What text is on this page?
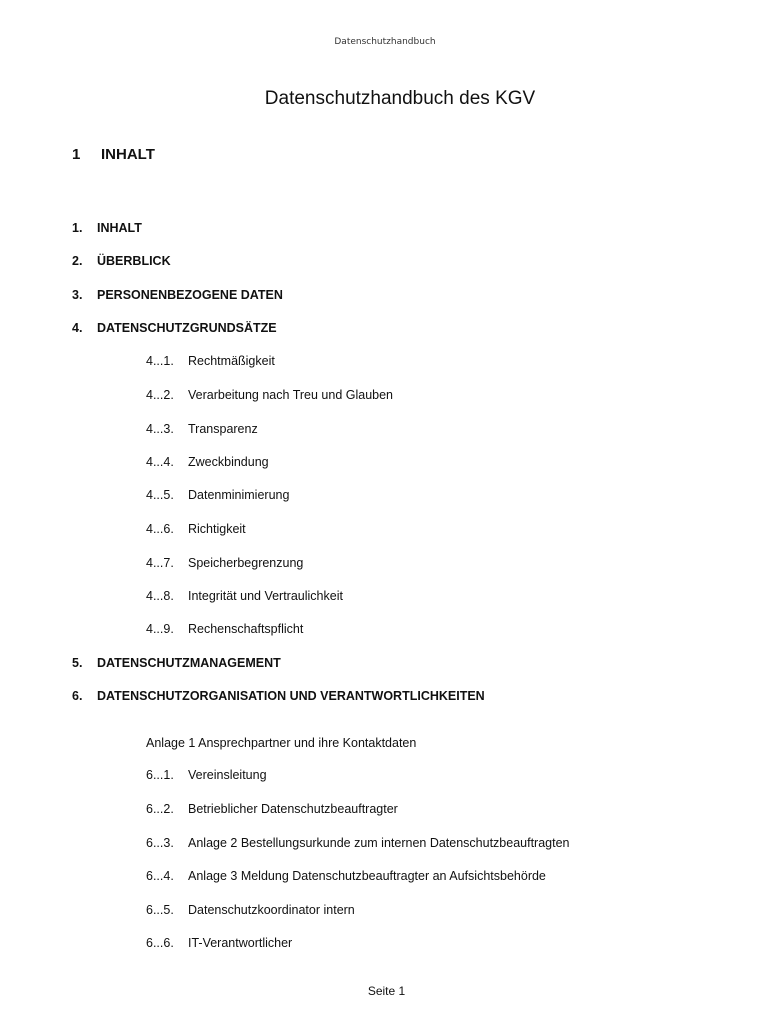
Datenschutzhandbuch
Datenschutzhandbuch des KGV
1 INHALT
1. INHALT
2. ÜBERBLICK
3. PERSONENBEZOGENE DATEN
4. DATENSCHUTZGRUNDSÄTZE
4...1. Rechtmäßigkeit
4...2. Verarbeitung nach Treu und Glauben
4...3. Transparenz
4...4. Zweckbindung
4...5. Datenminimierung
4...6. Richtigkeit
4...7. Speicherbegrenzung
4...8. Integrität und Vertraulichkeit
4...9. Rechenschaftspflicht
5. DATENSCHUTZMANAGEMENT
6. DATENSCHUTZORGANISATION UND VERANTWORTLICHKEITEN
Anlage 1 Ansprechpartner und ihre Kontaktdaten
6...1. Vereinsleitung
6...2. Betrieblicher Datenschutzbeauftragter
6...3. Anlage 2 Bestellungsurkunde zum internen Datenschutzbeauftragten
6...4. Anlage 3 Meldung Datenschutzbeauftragter an Aufsichtsbehörde
6...5. Datenschutzkoordinator intern
6...6. IT-Verantwortlicher
Seite 1
